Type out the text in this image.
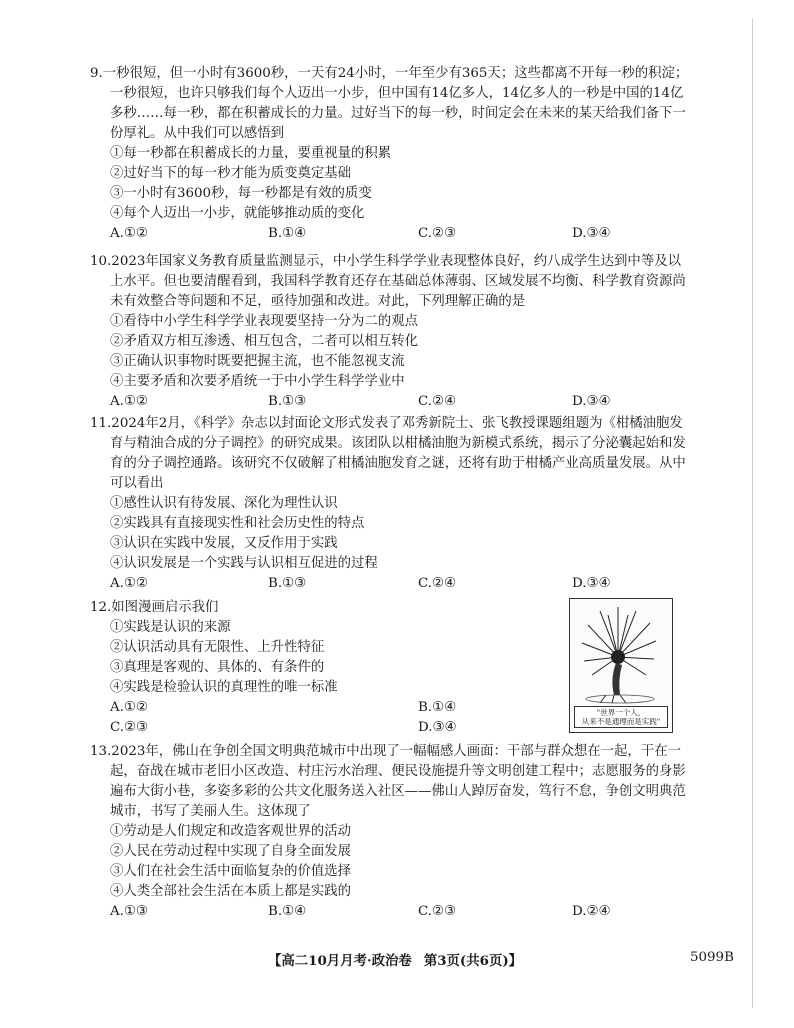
9.一秒很短，但一小时有3600秒，一天有24小时，一年至少有365天；这些都离不开每一秒的积淀；一秒很短，也许只够我们每个人迈出一小步，但中国有14亿多人，14亿多人的一秒是中国的14亿多秒……每一秒，都在积蓄成长的力量。过好当下的每一秒，时间定会在未来的某天给我们备下一份厚礼。从中我们可以感悟到
①每一秒都在积蓄成长的力量，要重视量的积累
②过好当下的每一秒才能为质变奠定基础
③一小时有3600秒，每一秒都是有效的质变
④每个人迈出一小步，就能够推动质的变化
A.①②	B.①④	C.②③	D.③④
10.2023年国家义务教育质量监测显示，中小学生科学学业表现整体良好，约八成学生达到中等及以上水平。但也要清醒看到，我国科学教育还存在基础总体薄弱、区域发展不均衡、科学教育资源尚未有效整合等问题和不足，亟待加强和改进。对此，下列理解正确的是
①看待中小学生科学学业表现要坚持一分为二的观点
②矛盾双方相互渗透、相互包含，二者可以相互转化
③正确认识事物时既要把握主流，也不能忽视支流
④主要矛盾和次要矛盾统一于中小学生科学学业中
A.①②	B.①③	C.②④	D.③④
11.2024年2月，《科学》杂志以封面论文形式发表了邓秀新院士、张飞教授课题组题为《柑橘油胞发育与精油合成的分子调控》的研究成果。该团队以柑橘油胞为新模式系统，揭示了分泌囊起始和发育的分子调控通路。该研究不仅破解了柑橘油胞发育之谜，还将有助于柑橘产业高质量发展。从中可以看出
①感性认识有待发展、深化为理性认识
②实践具有直接现实性和社会历史性的特点
③认识在实践中发展，又反作用于实践
④认识发展是一个实践与认识相互促进的过程
A.①②	B.①③	C.②④	D.③④
12.如图漫画启示我们
①实践是认识的来源
②认识活动具有无限性、上升性特征
③真理是客观的、具体的、有条件的
④实践是检验认识的真理性的唯一标准
A.①②	B.①④
C.②③	D.③④
"世界一个人，
从来不是通理而是实践"
13.2023年，佛山在争创全国文明典范城市中出现了一幅幅感人画面：干部与群众想在一起，干在一起，奋战在城市老旧小区改造、村庄污水治理、便民设施提升等文明创建工程中；志愿服务的身影遍布大街小巷，多姿多彩的公共文化服务送入社区——佛山人踔厉奋发，笃行不怠，争创文明典范城市，书写了美丽人生。这体现了
①劳动是人们规定和改造客观世界的活动
②人民在劳动过程中实现了自身全面发展
③人们在社会生活中面临复杂的价值选择
④人类全部社会生活在本质上都是实践的
A.①③	B.①④	C.②③	D.②④
【高二10月月考·政治卷 第3页(共6页)】	5099B
